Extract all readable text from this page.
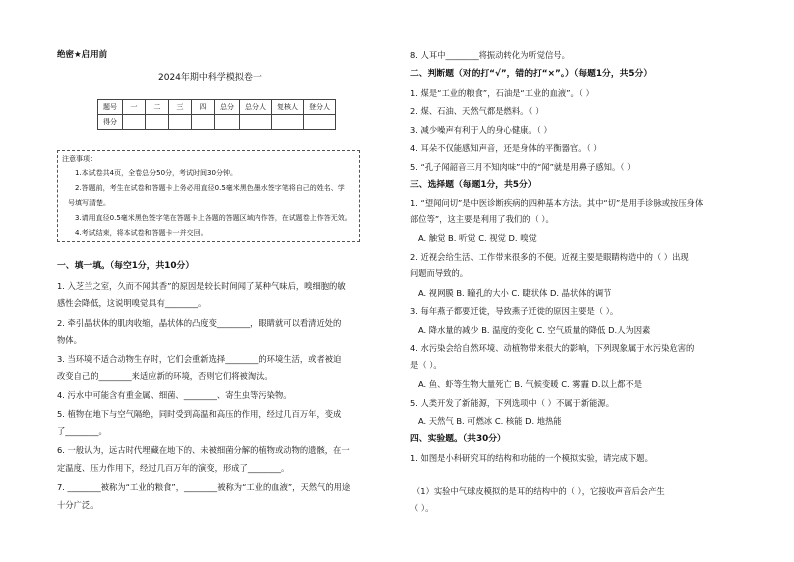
绝密★启用前
2024年期中科学模拟卷一
题号	一	二	三	四	总分	总分人	复核人	登分人
得分								
注意事项：
1.本试卷共4页，全卷总分50分，考试时间30分钟。
2.答题前，考生在试卷和答题卡上务必用直径0.5毫米黑色墨水签字笔将自己的姓名、学
号填写清楚。
3.请用直径0.5毫米黑色签字笔在答题卡上各题的答题区域内作答，在试题卷上作答无效。
4.考试结束，将本试卷和答题卡一并交回。
一、填一填。（每空1分，共10分）
1. 入芝兰之室，久而不闻其香”的原因是较长时间闻了某种气味后，嗅细胞的敏
感性会降低，这说明嗅觉具有________。
2. 牵引晶状体的肌肉收缩，晶状体的凸度变________，眼睛就可以看清近处的
物体。
3. 当环境不适合动物生存时，它们会重新选择________的环境生活，或者被迫
改变自己的________来适应新的环境，否则它们将被淘汰。
4. 污水中可能含有重金属、细菌、________、寄生虫等污染物。
5. 植物在地下与空气隔绝，同时受到高温和高压的作用，经过几百万年，变成
了________。
6. 一般认为，远古时代埋藏在地下的、未被细菌分解的植物或动物的遗骸，在一
定温度、压力作用下，经过几百万年的演变，形成了________。
7. ________被称为“工业的粮食”，________被称为“工业的血液”，天然气的用途
十分广泛。
8. 人耳中________将振动转化为听觉信号。
二、判断题（对的打“√”，错的打“×”。）（每题1分，共5分）
1. 煤是“工业的粮食”，石油是“工业的血液”。（ ）
2. 煤、石油、天然气都是燃料。（ ）
3. 减少噪声有利于人的身心健康。（ ）
4. 耳朵不仅能感知声音，还是身体的平衡器官。（ ）
5. “孔子闻韶音三月不知肉味”中的“闻”就是用鼻子感知。（ ）
三、选择题（每题1分，共5分）
1. “望闻问切”是中医诊断疾病的四种基本方法。其中“切”是用手诊脉或按压身体
部位等”，这主要是利用了我们的（ ）。
A. 触觉 B. 听觉 C. 视觉 D. 嗅觉
2. 近视会给生活、工作带来很多的不便。近视主要是眼睛构造中的（ ）出现
问题而导致的。
A. 视网膜 B. 瞳孔的大小 C. 睫状体 D. 晶状体的调节
3. 每年燕子都要迁徙，导致燕子迁徙的原因主要是（ ）。
A. 降水量的减少 B. 温度的变化 C. 空气质量的降低 D.人为因素
4. 水污染会给自然环境、动植物带来很大的影响，下列现象属于水污染危害的
是（ ）。
A. 鱼、虾等生物大量死亡 B. 气候变暖 C. 雾霾 D.以上都不是
5. 人类开发了新能源，下列选项中（ ）不属于新能源。
A. 天然气 B. 可燃冰 C. 核能 D. 地热能
四、实验题。（共30分）
1. 如图是小科研究耳的结构和功能的一个模拟实验，请完成下题。
（1）实验中气球皮模拟的是耳的结构中的（ ），它接收声音后会产生
（ ）。
